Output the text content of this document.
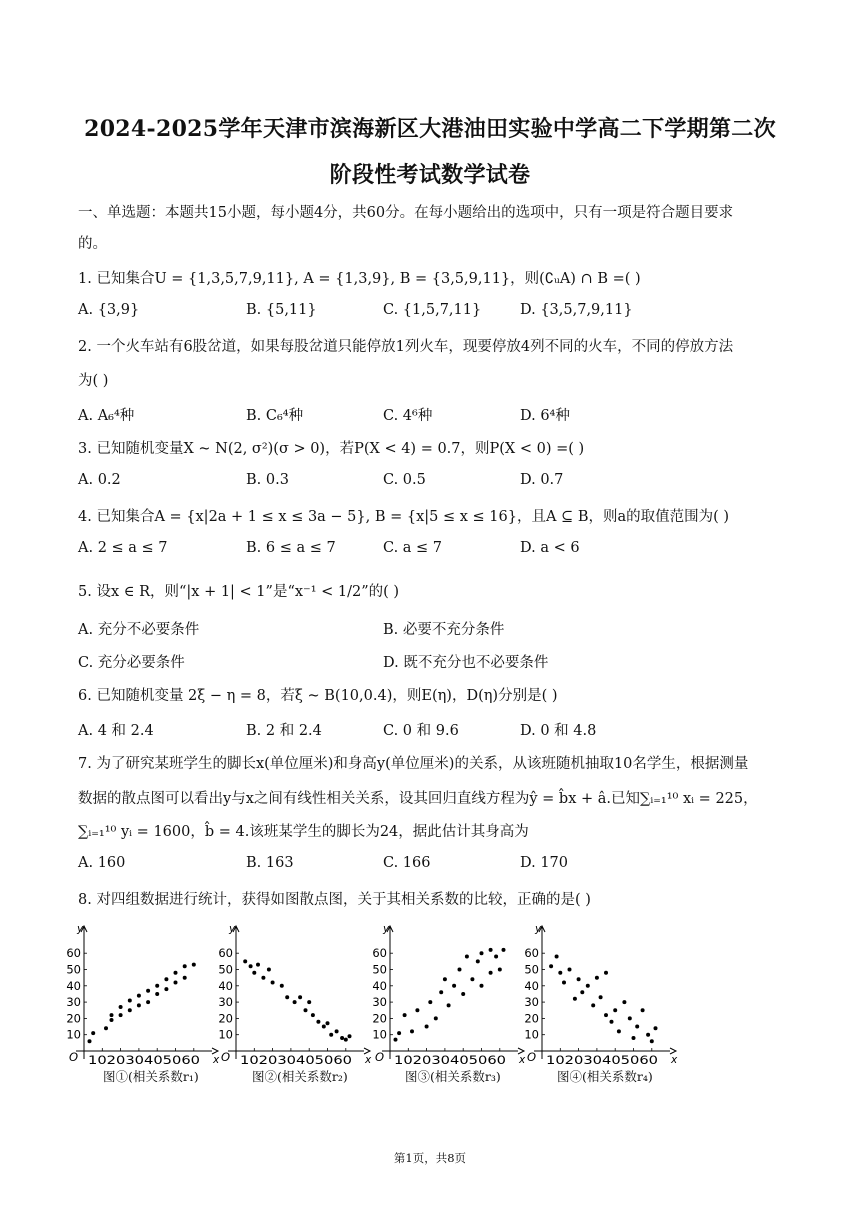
2024-2025学年天津市滨海新区大港油田实验中学高二下学期第二次
阶段性考试数学试卷
一、单选题：本题共15小题，每小题4分，共60分。在每小题给出的选项中，只有一项是符合题目要求
的。
1. 已知集合U = {1,3,5,7,9,11}, A = {1,3,9}, B = {3,5,9,11}，则(∁ᵤA) ∩ B =( )
A. {3,9}	B. {5,11}	C. {1,5,7,11}	D. {3,5,7,9,11}
2. 一个火车站有6股岔道，如果每股岔道只能停放1列火车，现要停放4列不同的火车，不同的停放方法
为( )
A. A₆⁴种	B. C₆⁴种	C. 4⁶种	D. 6⁴种
3. 已知随机变量X ~ N(2, σ²)(σ > 0)，若P(X < 4) = 0.7，则P(X < 0) =( )
A. 0.2	B. 0.3	C. 0.5	D. 0.7
4. 已知集合A = {x|2a + 1 ≤ x ≤ 3a − 5}, B = {x|5 ≤ x ≤ 16}，且A ⊆ B，则a的取值范围为( )
A. 2 ≤ a ≤ 7	B. 6 ≤ a ≤ 7	C. a ≤ 7	D. a < 6
5. 设x ∈ R，则“|x + 1| < 1”是“x⁻¹ < 1/2”的( )
A. 充分不必要条件	B. 必要不充分条件
C. 充分必要条件	D. 既不充分也不必要条件
6. 已知随机变量 2ξ − η = 8，若ξ ~ B(10,0.4)，则E(η)，D(η)分别是( )
A. 4 和 2.4	B. 2 和 2.4	C. 0 和 9.6	D. 0 和 4.8
7. 为了研究某班学生的脚长x(单位厘米)和身高y(单位厘米)的关系，从该班随机抽取10名学生，根据测量
数据的散点图可以看出y与x之间有线性相关关系，设其回归直线方程为ŷ = b̂x + â.已知∑ᵢ₌₁¹⁰ xᵢ = 225，
∑ᵢ₌₁¹⁰ yᵢ = 1600，b̂ = 4.该班某学生的脚长为24，据此估计其身高为
A. 160	B. 163	C. 166	D. 170
8. 对四组数据进行统计，获得如图散点图，关于其相关系数的比较，正确的是( )
y
x
O
10
20
30
40
50
60
102030405060
y
x
O
10
20
30
40
50
60
102030405060
y
x
O
10
20
30
40
50
60
102030405060
y
x
O
10
20
30
40
50
60
102030405060
图①(相关系数r₁)	图②(相关系数r₂)	图③(相关系数r₃)	图④(相关系数r₄)
第1页，共8页
